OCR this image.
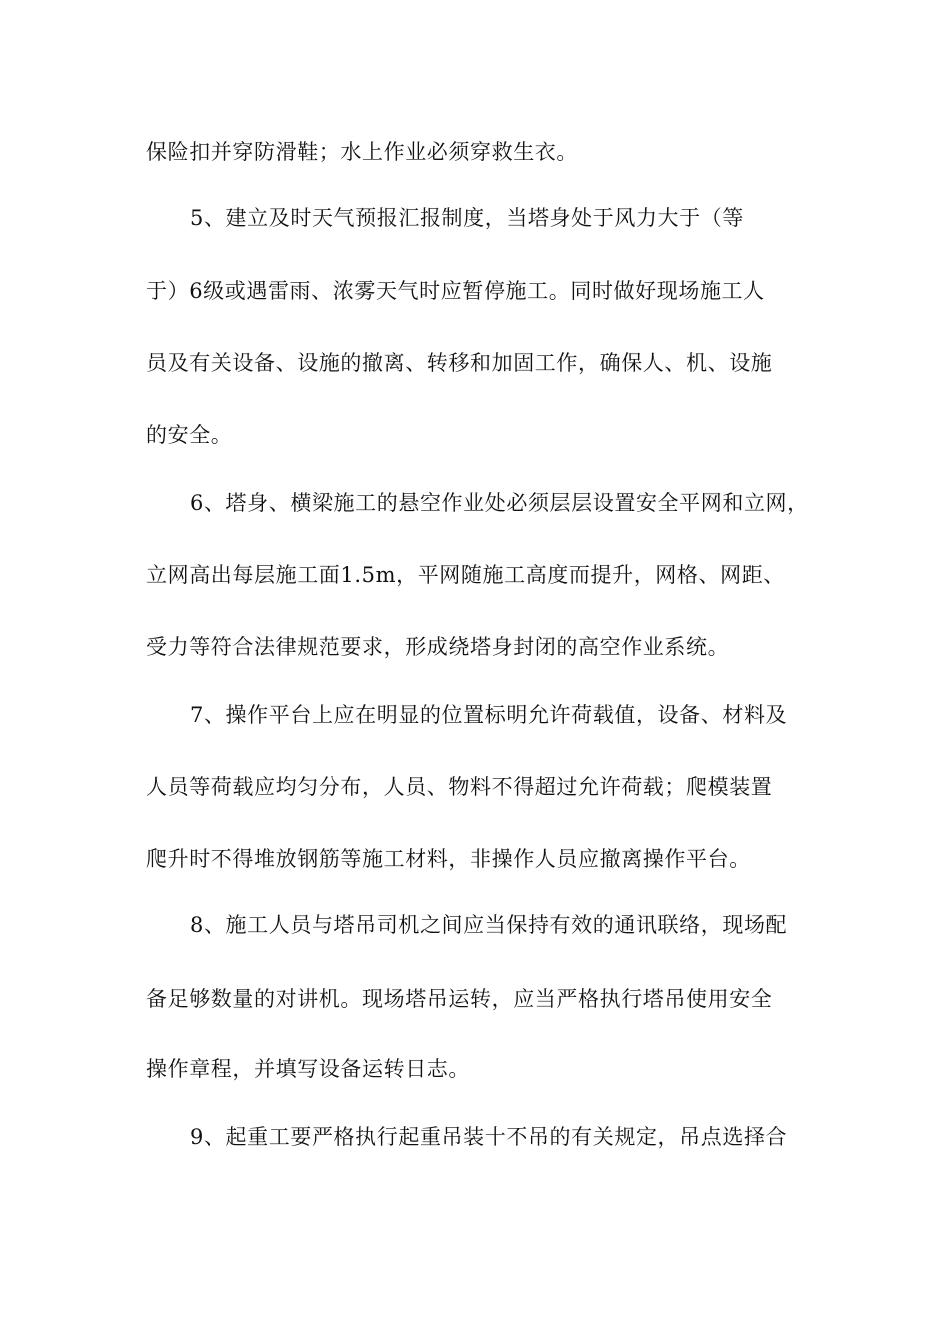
保险扣并穿防滑鞋；水上作业必须穿救生衣。
5、建立及时天气预报汇报制度，当塔身处于风力大于（等
于）6级或遇雷雨、浓雾天气时应暂停施工。同时做好现场施工人
员及有关设备、设施的撤离、转移和加固工作，确保人、机、设施
的安全。
6、塔身、横梁施工的悬空作业处必须层层设置安全平网和立网，
立网高出每层施工面1.5m，平网随施工高度而提升，网格、网距、
受力等符合法律规范要求，形成绕塔身封闭的高空作业系统。
7、操作平台上应在明显的位置标明允许荷载值，设备、材料及
人员等荷载应均匀分布，人员、物料不得超过允许荷载；爬模装置
爬升时不得堆放钢筋等施工材料，非操作人员应撤离操作平台。
8、施工人员与塔吊司机之间应当保持有效的通讯联络，现场配
备足够数量的对讲机。现场塔吊运转，应当严格执行塔吊使用安全
操作章程，并填写设备运转日志。
9、起重工要严格执行起重吊装十不吊的有关规定，吊点选择合
